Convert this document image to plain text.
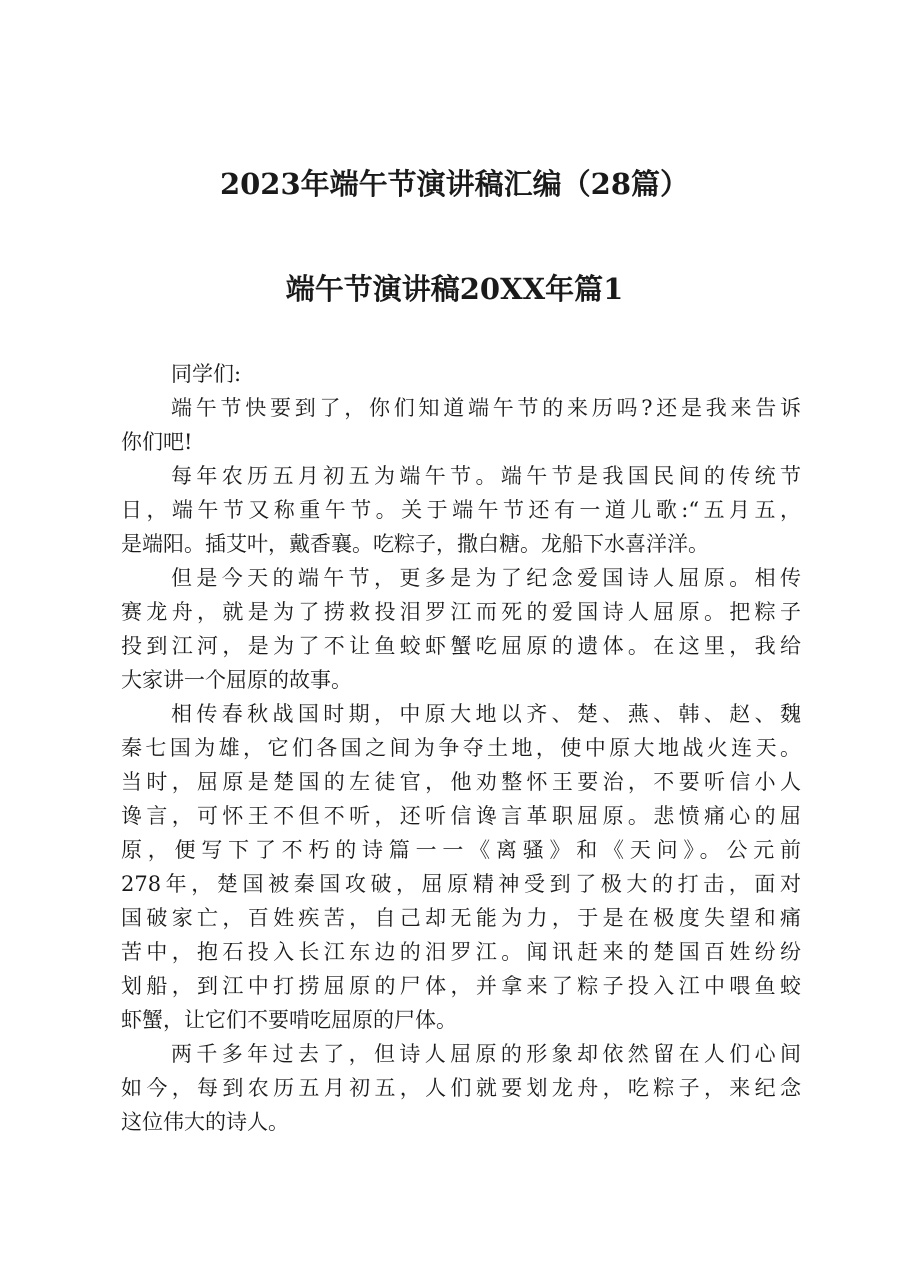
2023年端午节演讲稿汇编（28篇）
端午节演讲稿20XX年篇1
同学们:
端午节快要到了，你们知道端午节的来历吗?还是我来告诉
你们吧!
每年农历五月初五为端午节。端午节是我国民间的传统节
日，端午节又称重午节。关于端午节还有一道儿歌:“五月五，
是端阳。插艾叶，戴香襄。吃粽子，撒白糖。龙船下水喜洋洋。
但是今天的端午节，更多是为了纪念爱国诗人屈原。相传
赛龙舟，就是为了捞救投泪罗江而死的爱国诗人屈原。把粽子
投到江河，是为了不让鱼蛟虾蟹吃屈原的遗体。在这里，我给
大家讲一个屈原的故事。
相传春秋战国时期，中原大地以齐、楚、燕、韩、赵、魏
秦七国为雄，它们各国之间为争夺土地，使中原大地战火连天。
当时，屈原是楚国的左徒官，他劝整怀王要治，不要听信小人
谗言，可怀王不但不听，还听信谗言革职屈原。悲愤痛心的屈
原，便写下了不朽的诗篇一一《离骚》和《天问》。公元前
278年，楚国被秦国攻破，屈原精神受到了极大的打击，面对
国破家亡，百姓疾苦，自己却无能为力，于是在极度失望和痛
苦中，抱石投入长江东边的汨罗江。闻讯赶来的楚国百姓纷纷
划船，到江中打捞屈原的尸体，并拿来了粽子投入江中喂鱼蛟
虾蟹，让它们不要啃吃屈原的尸体。
两千多年过去了，但诗人屈原的形象却依然留在人们心间
如今，每到农历五月初五，人们就要划龙舟，吃粽子，来纪念
这位伟大的诗人。
